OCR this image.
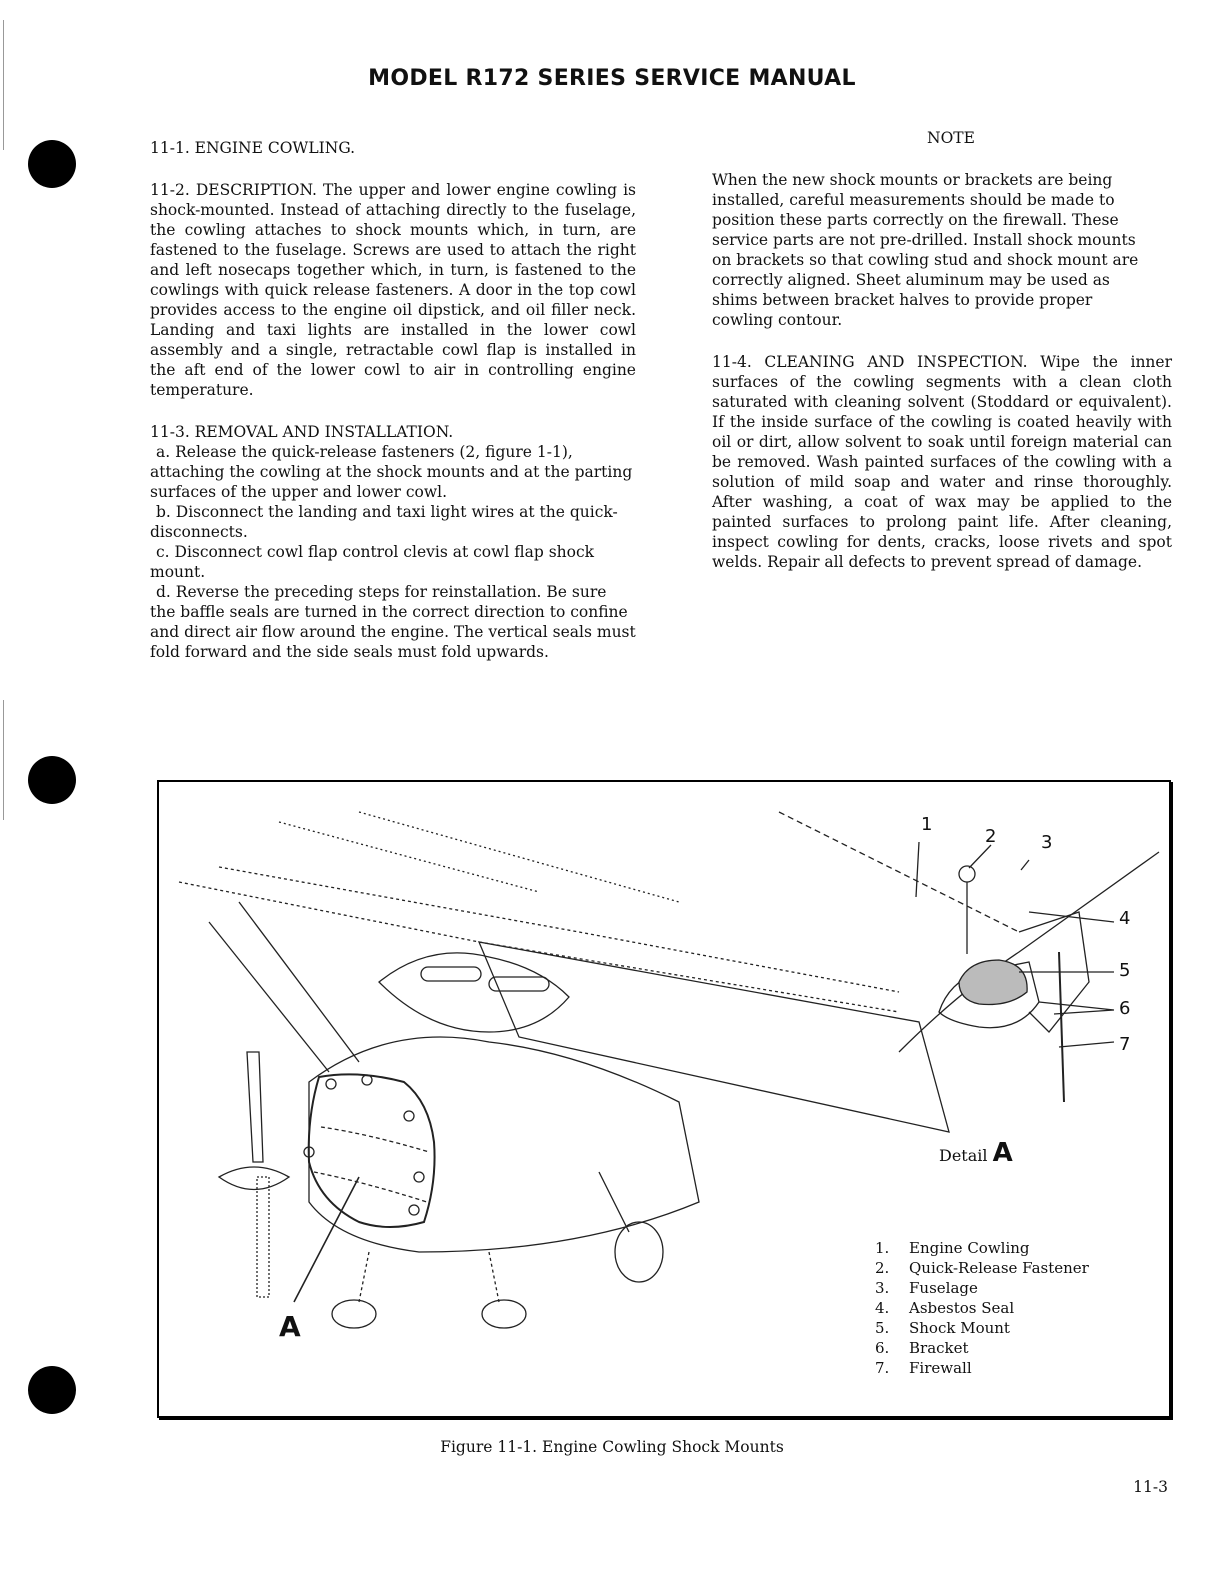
MODEL R172 SERIES SERVICE MANUAL

11-1. ENGINE COWLING.

11-2. DESCRIPTION. The upper and lower engine cowling is shock-mounted. Instead of attaching directly to the fuselage, the cowling attaches to shock mounts which, in turn, are fastened to the fuselage. Screws are used to attach the right and left nosecaps together which, in turn, is fastened to the cowlings with quick release fasteners. A door in the top cowl provides access to the engine oil dipstick, and oil filler neck. Landing and taxi lights are installed in the lower cowl assembly and a single, retractable cowl flap is installed in the aft end of the lower cowl to air in controlling engine temperature.

11-3. REMOVAL AND INSTALLATION.

a. Release the quick-release fasteners (2, figure 1-1), attaching the cowling at the shock mounts and at the parting surfaces of the upper and lower cowl.

b. Disconnect the landing and taxi light wires at the quick-disconnects.

c. Disconnect cowl flap control clevis at cowl flap shock mount.

d. Reverse the preceding steps for reinstallation. Be sure the baffle seals are turned in the correct direction to confine and direct air flow around the engine. The vertical seals must fold forward and the side seals must fold upwards.

NOTE

When the new shock mounts or brackets are being installed, careful measurements should be made to position these parts correctly on the firewall. These service parts are not pre-drilled. Install shock mounts on brackets so that cowling stud and shock mount are correctly aligned. Sheet aluminum may be used as shims between bracket halves to provide proper cowling contour.

11-4. CLEANING AND INSPECTION. Wipe the inner surfaces of the cowling segments with a clean cloth saturated with cleaning solvent (Stoddard or equivalent). If the inside surface of the cowling is coated heavily with oil or dirt, allow solvent to soak until foreign material can be removed. Wash painted surfaces of the cowling with a solution of mild soap and water and rinse thoroughly. After washing, a coat of wax may be applied to the painted surfaces to prolong paint life. After cleaning, inspect cowling for dents, cracks, loose rivets and spot welds. Repair all defects to prevent spread of damage.

1
2 3
4
5
6
7
Detail A
A
1.	Engine Cowling
2.	Quick-Release Fastener
3.	Fuselage
4.	Asbestos Seal
5.	Shock Mount
6.	Bracket
7.	Firewall
Figure 11-1. Engine Cowling Shock Mounts
11-3
